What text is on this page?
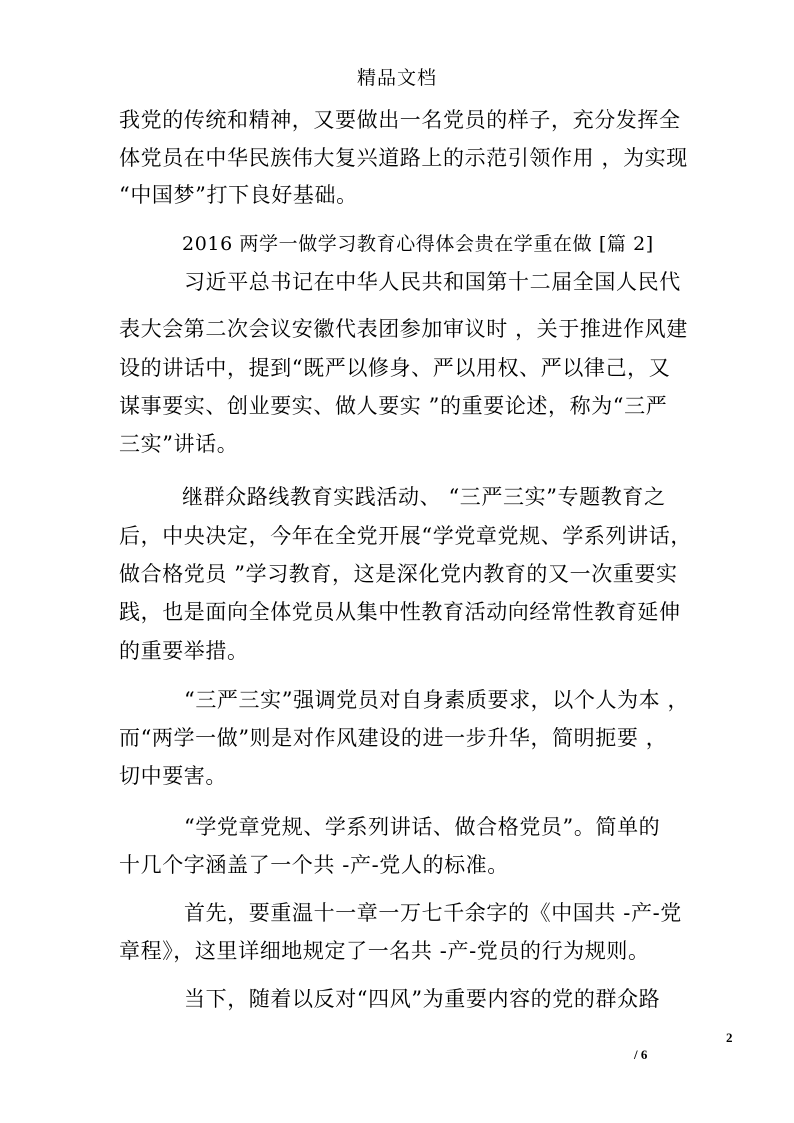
精品文档
我党的传统和精神，又要做出一名党员的样子，充分发挥全
体党员在中华民族伟大复兴道路上的示范引领作用 ，为实现
“中国梦”打下良好基础。
2016 两学一做学习教育心得体会贵在学重在做 [篇 2]
习近平总书记在中华人民共和国第十二届全国人民代
表大会第二次会议安徽代表团参加审议时 ，关于推进作风建
设的讲话中，提到“既严以修身、严以用权、严以律己，又
谋事要实、创业要实、做人要实 ”的重要论述，称为“三严
三实”讲话。
继群众路线教育实践活动、 “三严三实”专题教育之
后，中央决定，今年在全党开展“学党章党规、学系列讲话，
做合格党员 ”学习教育，这是深化党内教育的又一次重要实
践，也是面向全体党员从集中性教育活动向经常性教育延伸
的重要举措。
“三严三实”强调党员对自身素质要求，以个人为本 ，
而“两学一做”则是对作风建设的进一步升华，简明扼要 ，
切中要害。
“学党章党规、学系列讲话、做合格党员”。简单的
十几个字涵盖了一个共 -产-党人的标准。
首先，要重温十一章一万七千余字的《中国共 -产-党
章程》，这里详细地规定了一名共 -产-党员的行为规则。
当下，随着以反对“四风”为重要内容的党的群众路
2
/ 6
